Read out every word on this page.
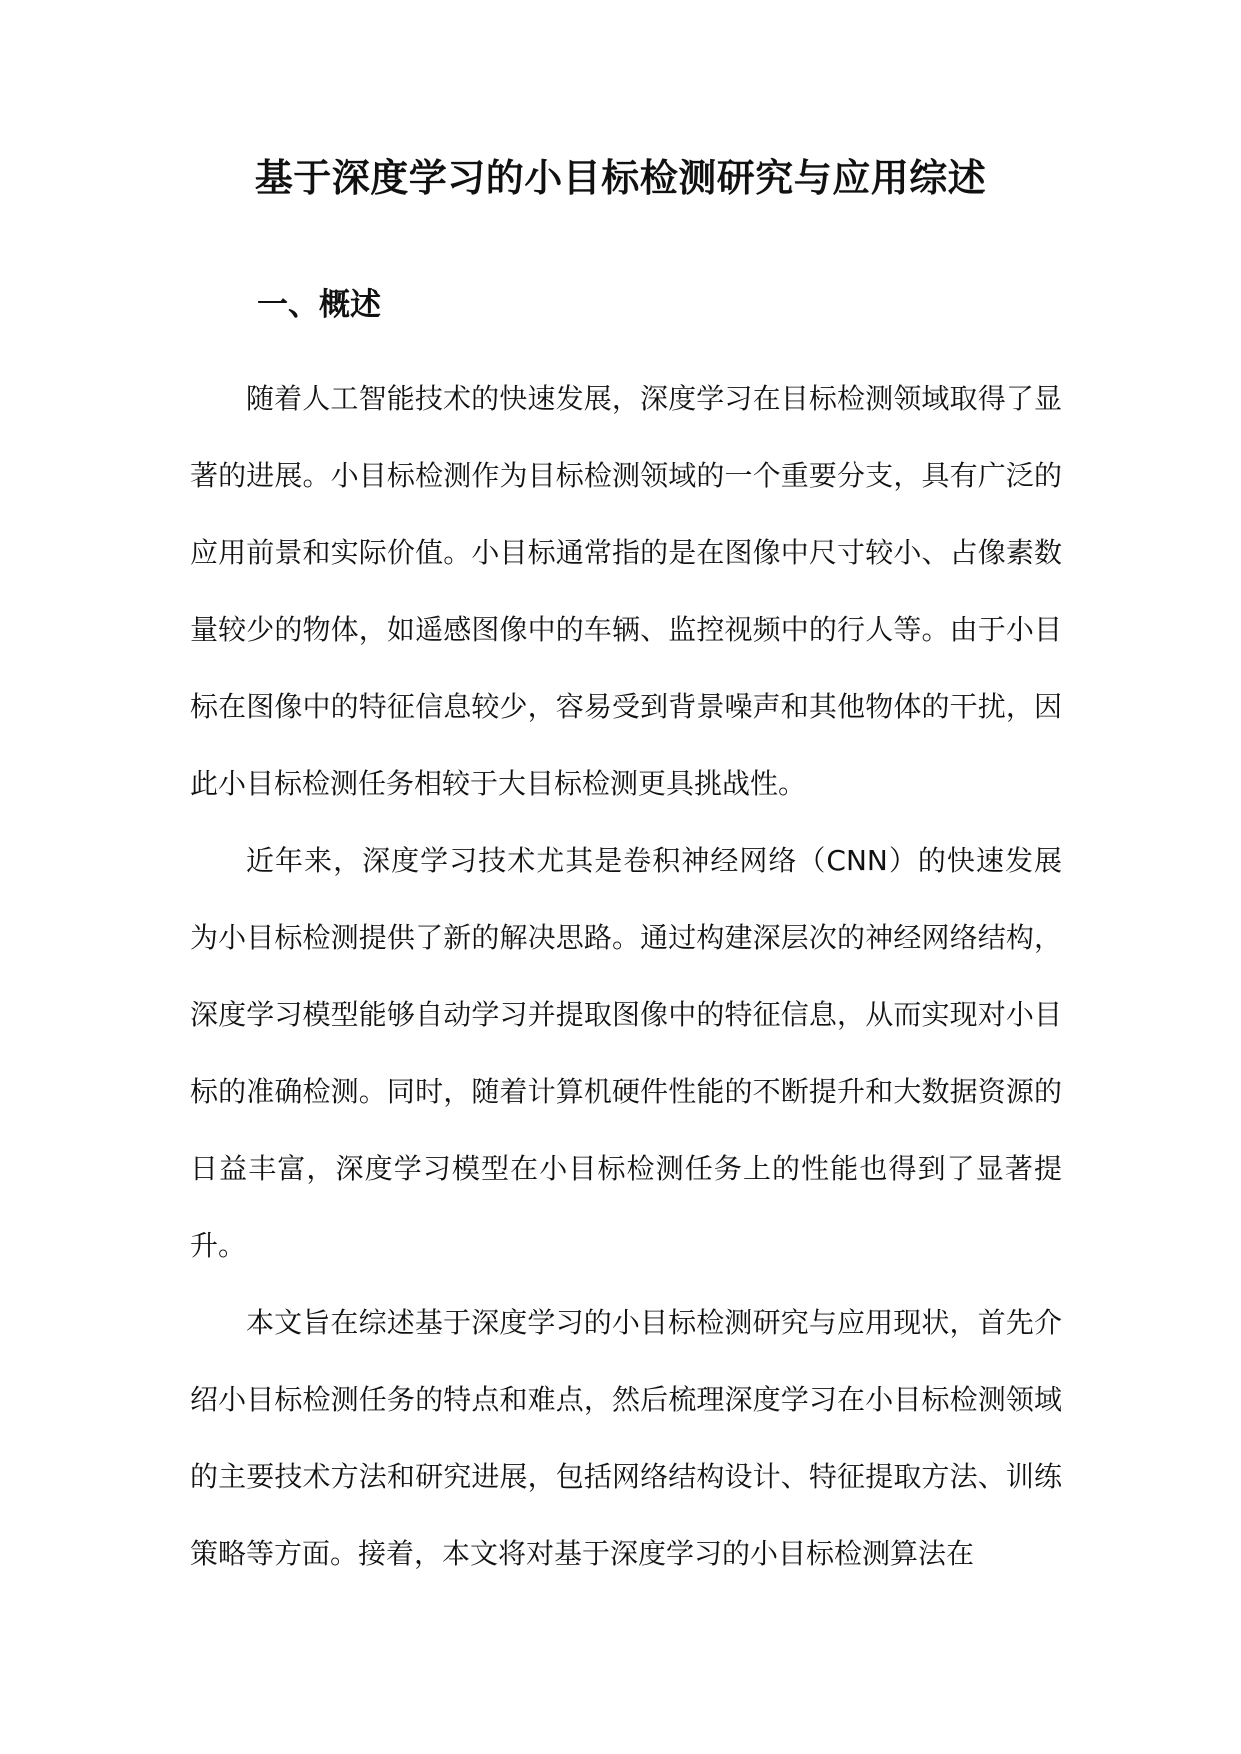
基于深度学习的小目标检测研究与应用综述
一、概述

随着人工智能技术的快速发展，深度学习在目标检测领域取得了显著的进展。小目标检测作为目标检测领域的一个重要分支，具有广泛的应用前景和实际价值。小目标通常指的是在图像中尺寸较小、占像素数量较少的物体，如遥感图像中的车辆、监控视频中的行人等。由于小目标在图像中的特征信息较少，容易受到背景噪声和其他物体的干扰，因此小目标检测任务相较于大目标检测更具挑战性。

近年来，深度学习技术尤其是卷积神经网络（CNN）的快速发展为小目标检测提供了新的解决思路。通过构建深层次的神经网络结构，深度学习模型能够自动学习并提取图像中的特征信息，从而实现对小目标的准确检测。同时，随着计算机硬件性能的不断提升和大数据资源的日益丰富，深度学习模型在小目标检测任务上的性能也得到了显著提升。

本文旨在综述基于深度学习的小目标检测研究与应用现状，首先介绍小目标检测任务的特点和难点，然后梳理深度学习在小目标检测领域的主要技术方法和研究进展，包括网络结构设计、特征提取方法、训练策略等方面。接着，本文将对基于深度学习的小目标检测算法在
